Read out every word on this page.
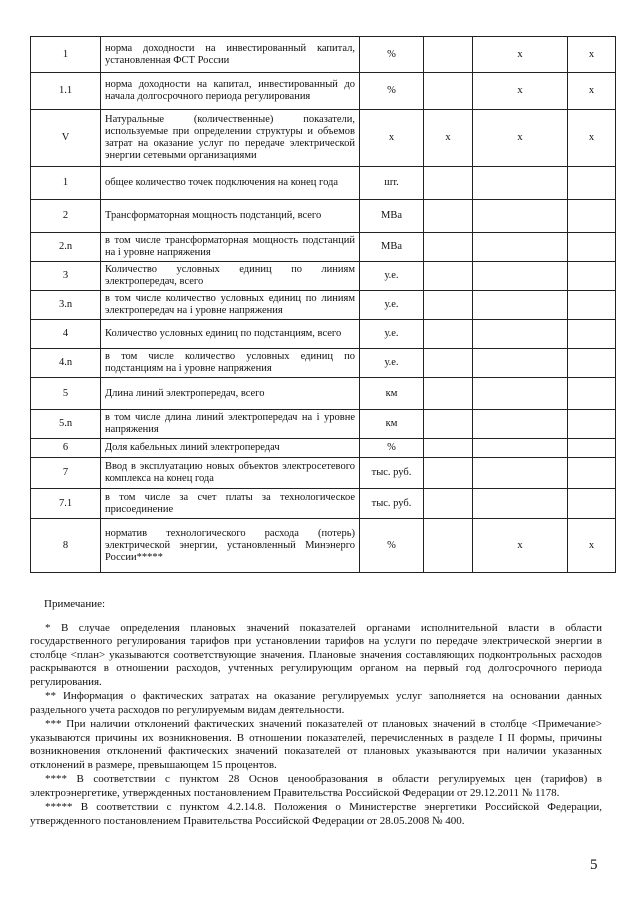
1	норма доходности на инвестированный капитал, установленная ФСТ России	%		x	x
1.1	норма доходности на капитал, инвестированный до начала долгосрочного периода регулирования	%		x	x
V	Натуральные (количественные) показатели, используемые при определении структуры и объемов затрат на оказание услуг по передаче электрической энергии сетевыми организациями	x	x	x	x
1	общее количество точек подключения на конец года	шт.			
2	Трансформаторная мощность подстанций, всего	МВа			
2.n	в том числе трансформаторная мощность подстанций на i уровне напряжения	МВа			
3	Количество условных единиц по линиям электропередач, всего	у.е.			
3.n	в том числе количество условных единиц по линиям электропередач на i уровне напряжения	у.е.			
4	Количество условных единиц по подстанциям, всего	у.е.			
4.n	в том числе количество условных единиц по подстанциям на i уровне напряжения	у.е.			
5	Длина линий электропередач, всего	км			
5.n	в том числе длина линий электропередач на i уровне напряжения	км			
6	Доля кабельных линий электропередач	%			
7	Ввод в эксплуатацию новых объектов электросетевого комплекса на конец года	тыс. руб.			
7.1	в том числе за счет платы за технологическое присоединение	тыс. руб.			
8	норматив технологического расхода (потерь) электрической энергии, установленный Минэнерго России*****	%		x	x

Примечание:

* В случае определения плановых значений показателей органами исполнительной власти в области государственного регулирования тарифов при установлении тарифов на услуги по передаче электрической энергии в столбце <план> указываются соответствующие значения. Плановые значения составляющих подконтрольных расходов раскрываются в отношении расходов, учтенных регулирующим органом на первый год долгосрочного периода регулирования.

** Информация о фактических затратах на оказание регулируемых услуг заполняется на основании данных раздельного учета расходов по регулируемым видам деятельности.

*** При наличии отклонений фактических значений показателей от плановых значений в столбце <Примечание> указываются причины их возникновения. В отношении показателей, перечисленных в разделе I II формы, причины возникновения отклонений фактических значений показателей от плановых указываются при наличии указанных отклонений в размере, превышающем 15 процентов.

**** В соответствии с пунктом 28 Основ ценообразования в области регулируемых цен (тарифов) в электроэнергетике, утвержденных постановлением Правительства Российской Федерации от 29.12.2011 № 1178.

***** В соответствии с пунктом 4.2.14.8. Положения о Министерстве энергетики Российской Федерации, утвержденного постановлением Правительства Российской Федерации от 28.05.2008 № 400.

5
